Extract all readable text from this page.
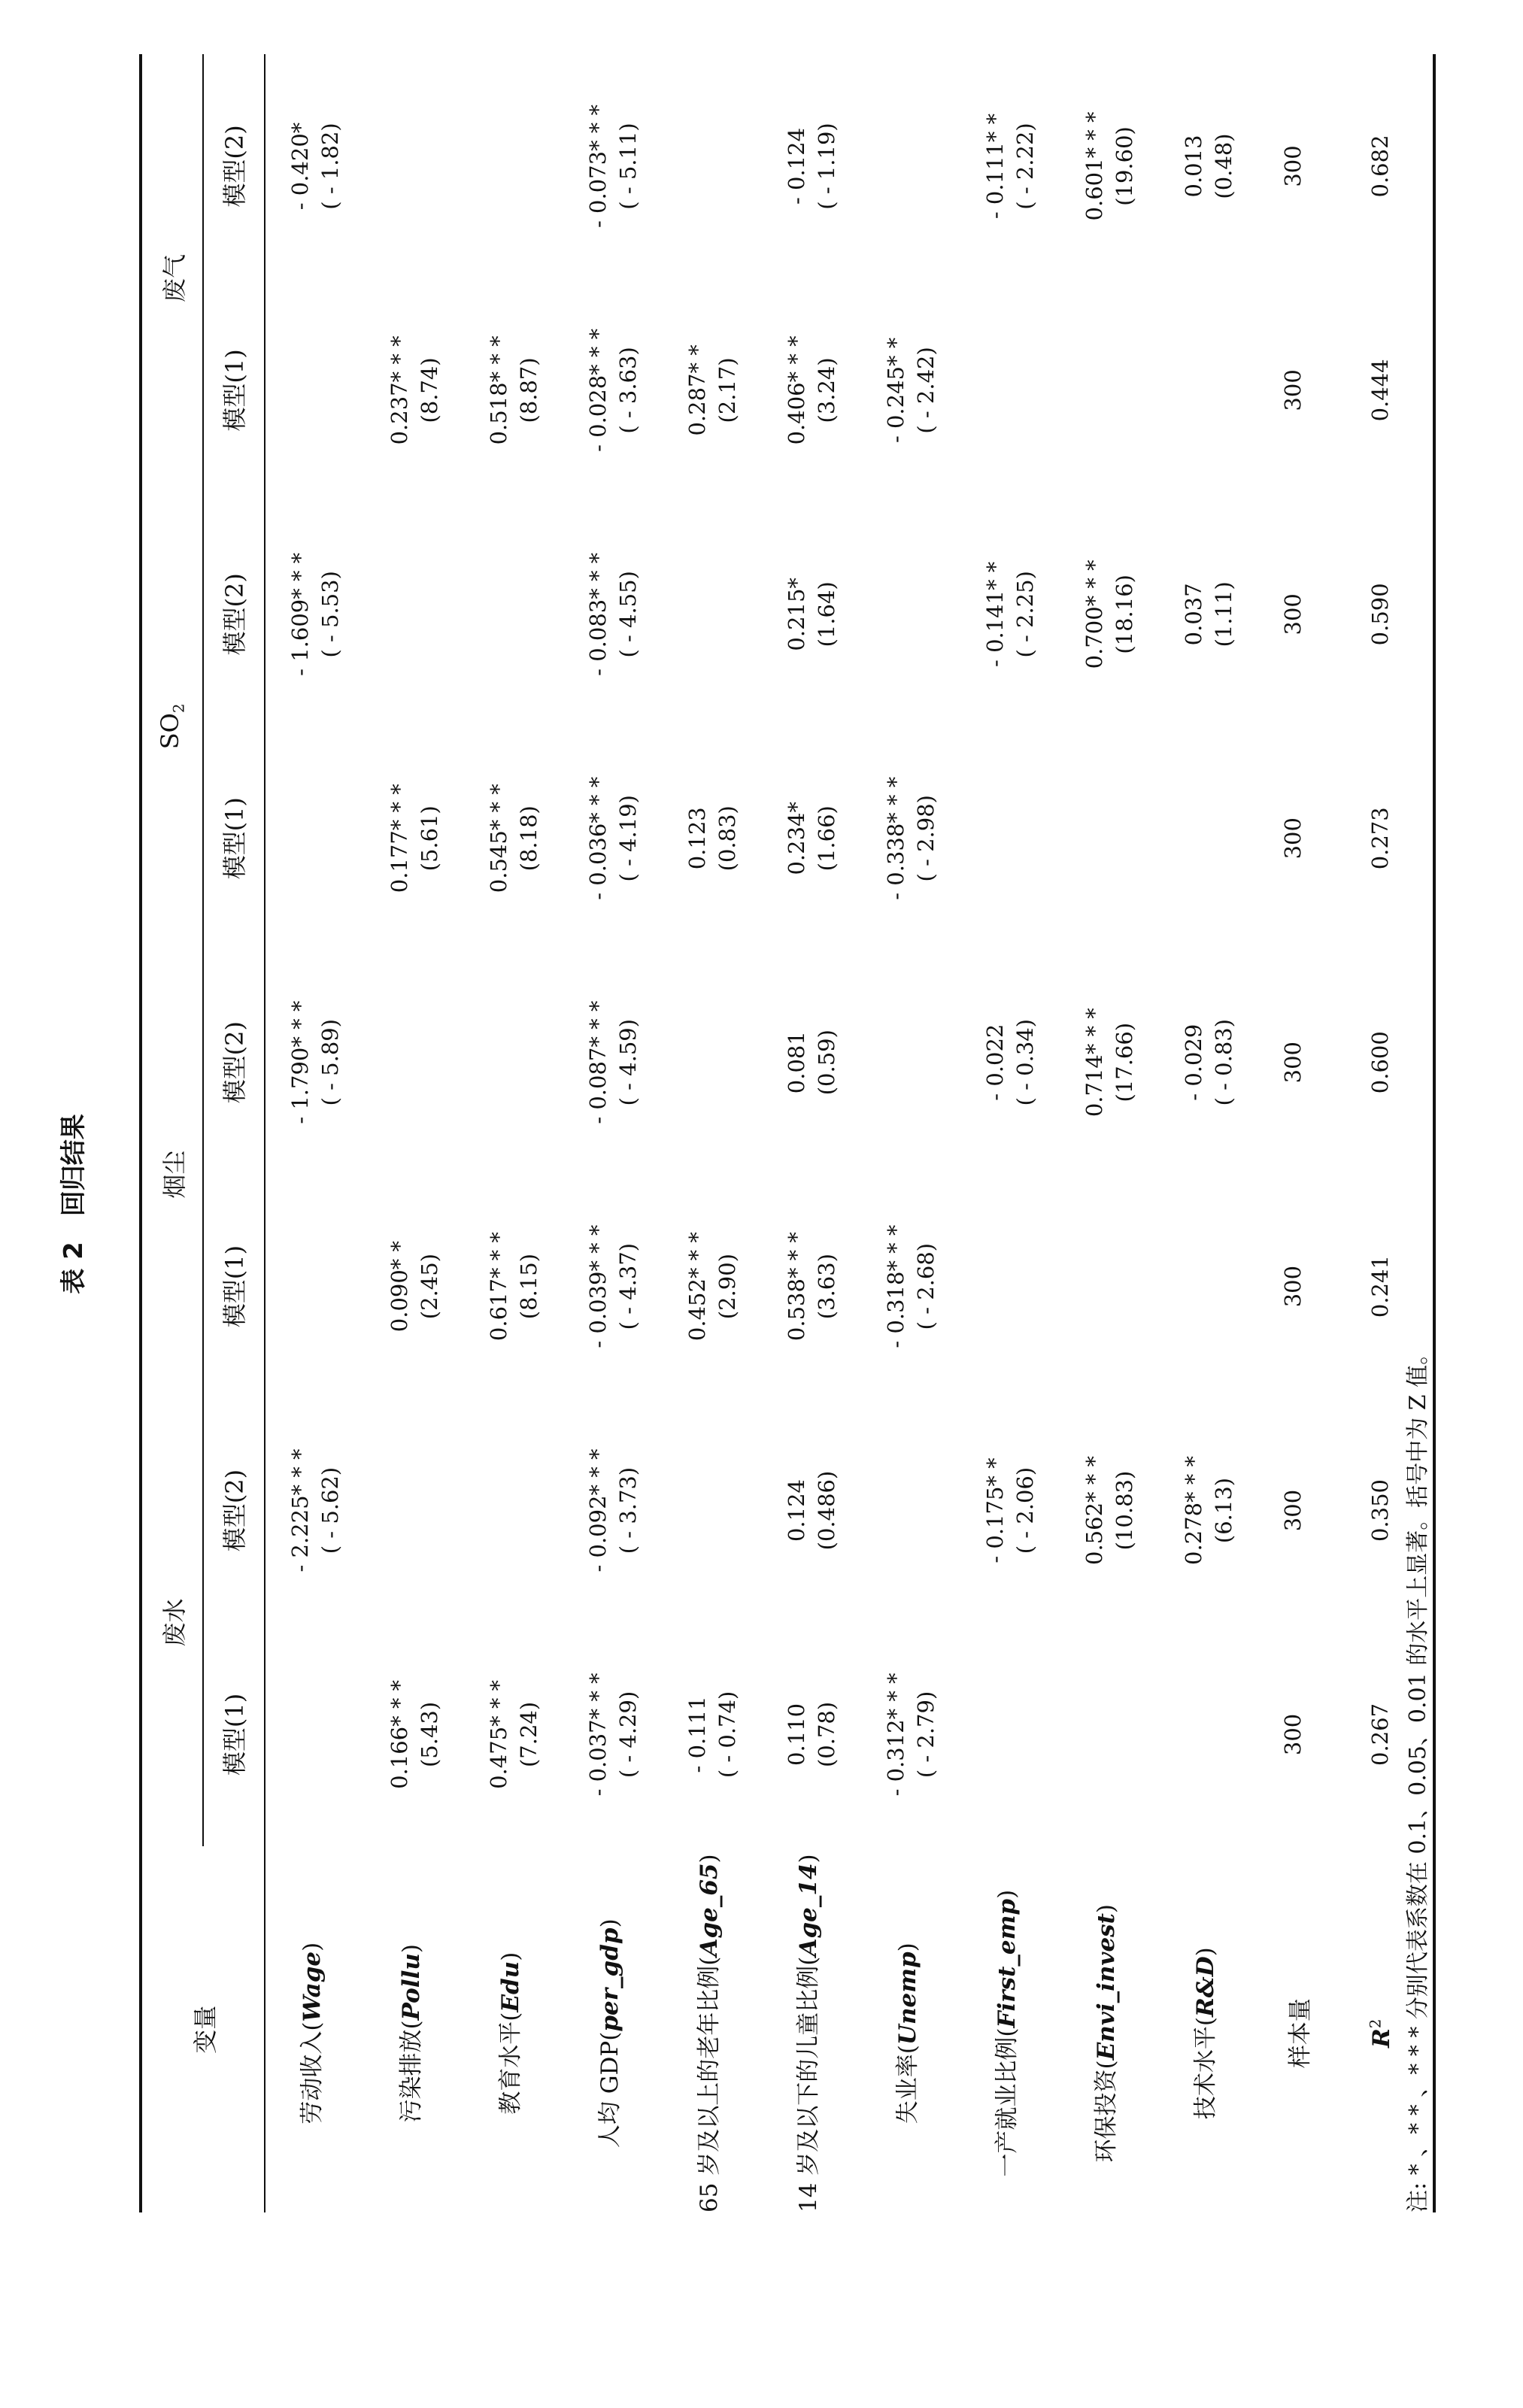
表 2　回归结果
变量	废水		烟尘		$SO_2$		废气	
	模型(1)	模型(2)	模型(1)	模型(2)	模型(1)	模型(2)	模型(1)	模型(2)
劳动收入(Wage)		- 2.225* * * ( - 5.62)		- 1.790* * * ( - 5.89)		- 1.609* * * ( - 5.53)		- 0.420* ( - 1.82)

污染排放(Pollu)	0.166* * * (5.43)		0.090* * (2.45)		0.177* * * (5.61)		0.237* * * (8.74)	

教育水平(Edu)	0.475* * * (7.24)		0.617* * * (8.15)		0.545* * * (8.18)		0.518* * * (8.87)	

人均 GDP(per_gdp)	- 0.037* * * ( - 4.29)	- 0.092* * * ( - 3.73)	- 0.039* * * ( - 4.37)	- 0.087* * * ( - 4.59)	- 0.036* * * ( - 4.19)	- 0.083* * * ( - 4.55)	- 0.028* * * ( - 3.63)	- 0.073* * * ( - 5.11)

65 岁及以上的老年比例(Age_65)	- 0.111 ( - 0.74)		0.452* * * (2.90)		0.123 (0.83)		0.287* * (2.17)	

14 岁及以下的儿童比例(Age_14)	0.110 (0.78)	0.124 (0.486)	0.538* * * (3.63)	0.081 (0.59)	0.234* (1.66)	0.215* (1.64)	0.406* * * (3.24)	- 0.124 ( - 1.19)

失业率(Unemp)	- 0.312* * * ( - 2.79)		- 0.318* * * ( - 2.68)		- 0.338* * * ( - 2.98)		- 0.245* * ( - 2.42)	

一产就业比例(First_emp)		- 0.175* * ( - 2.06)		- 0.022 ( - 0.34)		- 0.141* * ( - 2.25)		- 0.111* * ( - 2.22)

环保投资(Envi_invest)		0.562* * * (10.83)		0.714* * * (17.66)		0.700* * * (18.16)		0.601* * * (19.60)

技术水平(R&D)		0.278* * * (6.13)		- 0.029 ( - 0.83)		0.037 (1.11)		0.013 (0.48)

样本量	300	300	300	300	300	300	300	300
$R^2$	0.267	0.350	0.241	0.600	0.273	0.590	0.444	0.682
注: * 、* * 、* * * 分别代表系数在 0.1、0.05、0.01 的水平上显著。括号中为 Z 值。
